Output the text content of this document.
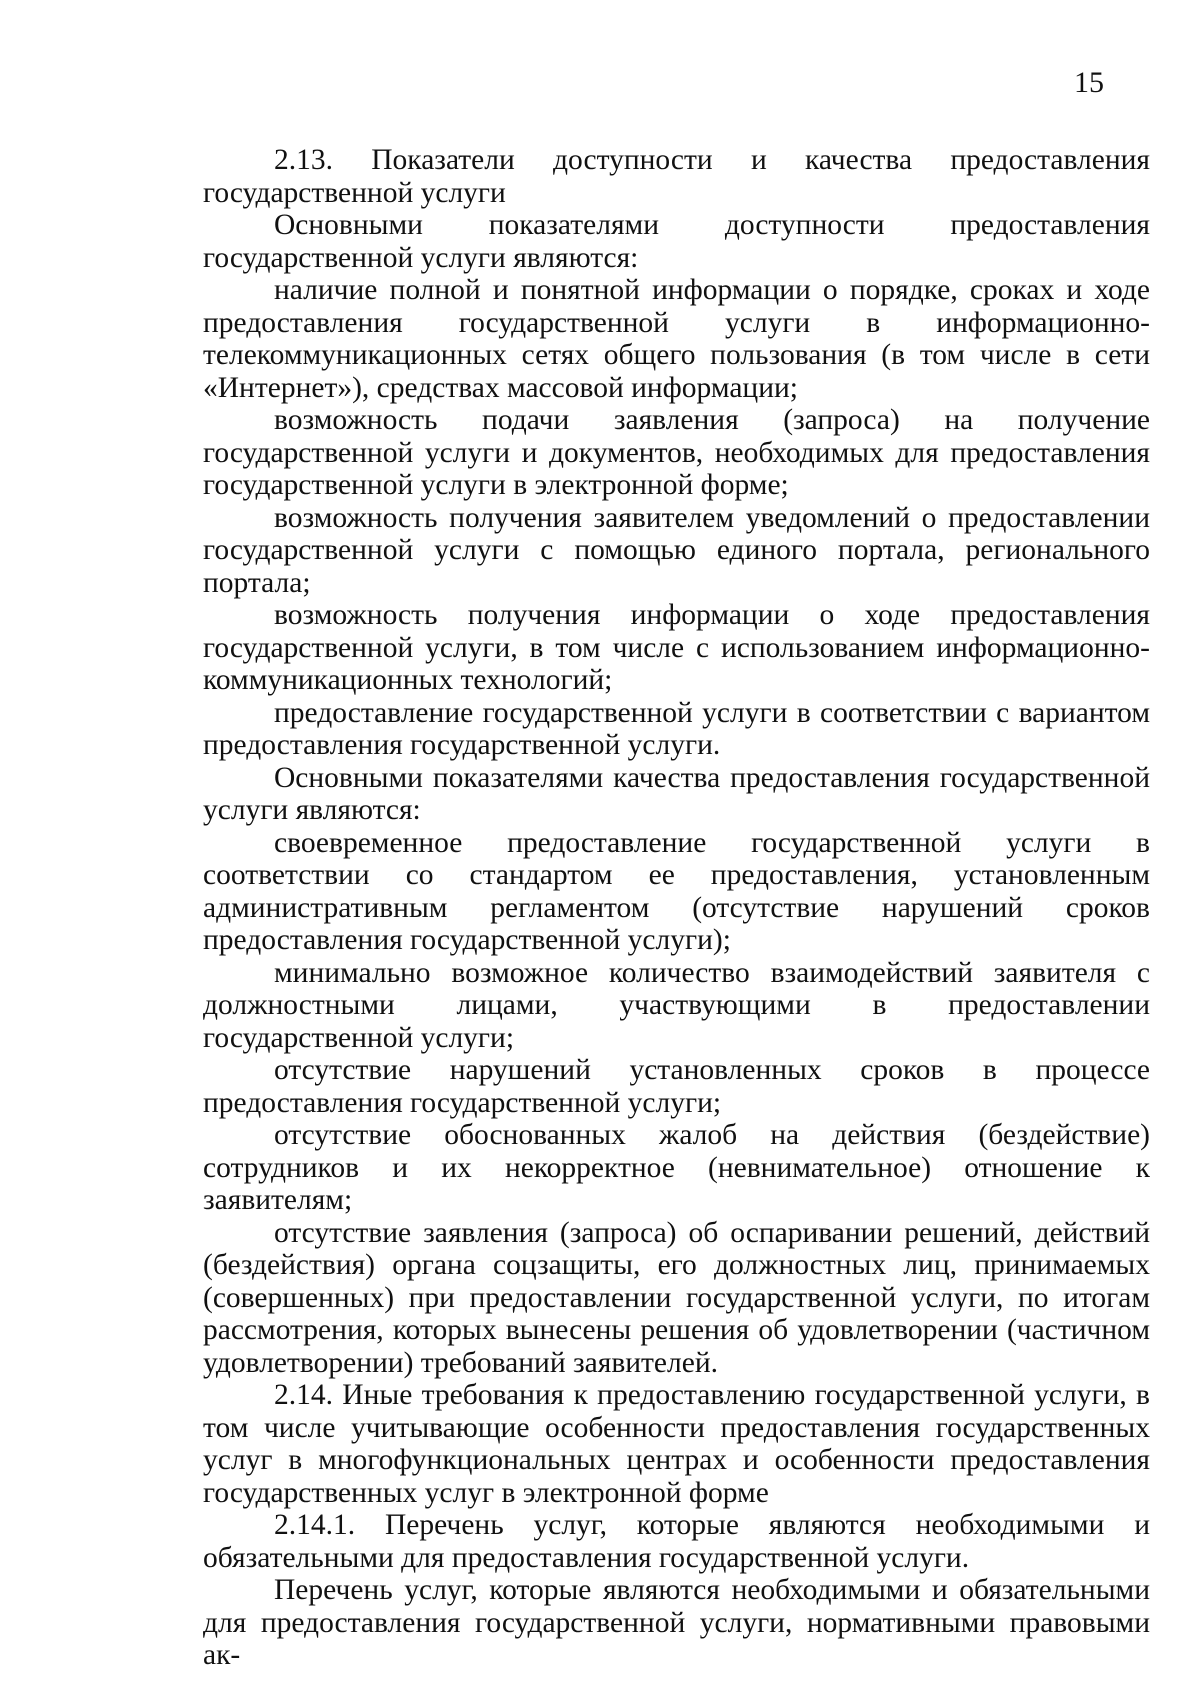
15

2.13. Показатели доступности и качества предоставления государственной услуги

Основными показателями доступности предоставления государственной услуги являются:

наличие полной и понятной информации о порядке, сроках и ходе предоставления государственной услуги в информационно-телекоммуникационных сетях общего пользования (в том числе в сети «Интернет»), средствах массовой информации;

возможность подачи заявления (запроса) на получение государственной услуги и документов, необходимых для предоставления государственной услуги в электронной форме;

возможность получения заявителем уведомлений о предоставлении государственной услуги с помощью единого портала, регионального портала;

возможность получения информации о ходе предоставления государственной услуги, в том числе с использованием информационно-коммуникационных технологий;

предоставление государственной услуги в соответствии с вариантом предоставления государственной услуги.

Основными показателями качества предоставления государственной услуги являются:

своевременное предоставление государственной услуги в соответствии со стандартом ее предоставления, установленным административным регламентом (отсутствие нарушений сроков предоставления государственной услуги);

минимально возможное количество взаимодействий заявителя с должностными лицами, участвующими в предоставлении государственной услуги;

отсутствие нарушений установленных сроков в процессе предоставления государственной услуги;

отсутствие обоснованных жалоб на действия (бездействие) сотрудников и их некорректное (невнимательное) отношение к заявителям;

отсутствие заявления (запроса) об оспаривании решений, действий (бездействия) органа соцзащиты, его должностных лиц, принимаемых (совершенных) при предоставлении государственной услуги, по итогам рассмотрения, которых вынесены решения об удовлетворении (частичном удовлетворении) требований заявителей.

2.14. Иные требования к предоставлению государственной услуги, в том числе учитывающие особенности предоставления государственных услуг в многофункциональных центрах и особенности предоставления государственных услуг в электронной форме

2.14.1. Перечень услуг, которые являются необходимыми и обязательными для предоставления государственной услуги.

Перечень услуг, которые являются необходимыми и обязательными для предоставления государственной услуги, нормативными правовыми ак-
